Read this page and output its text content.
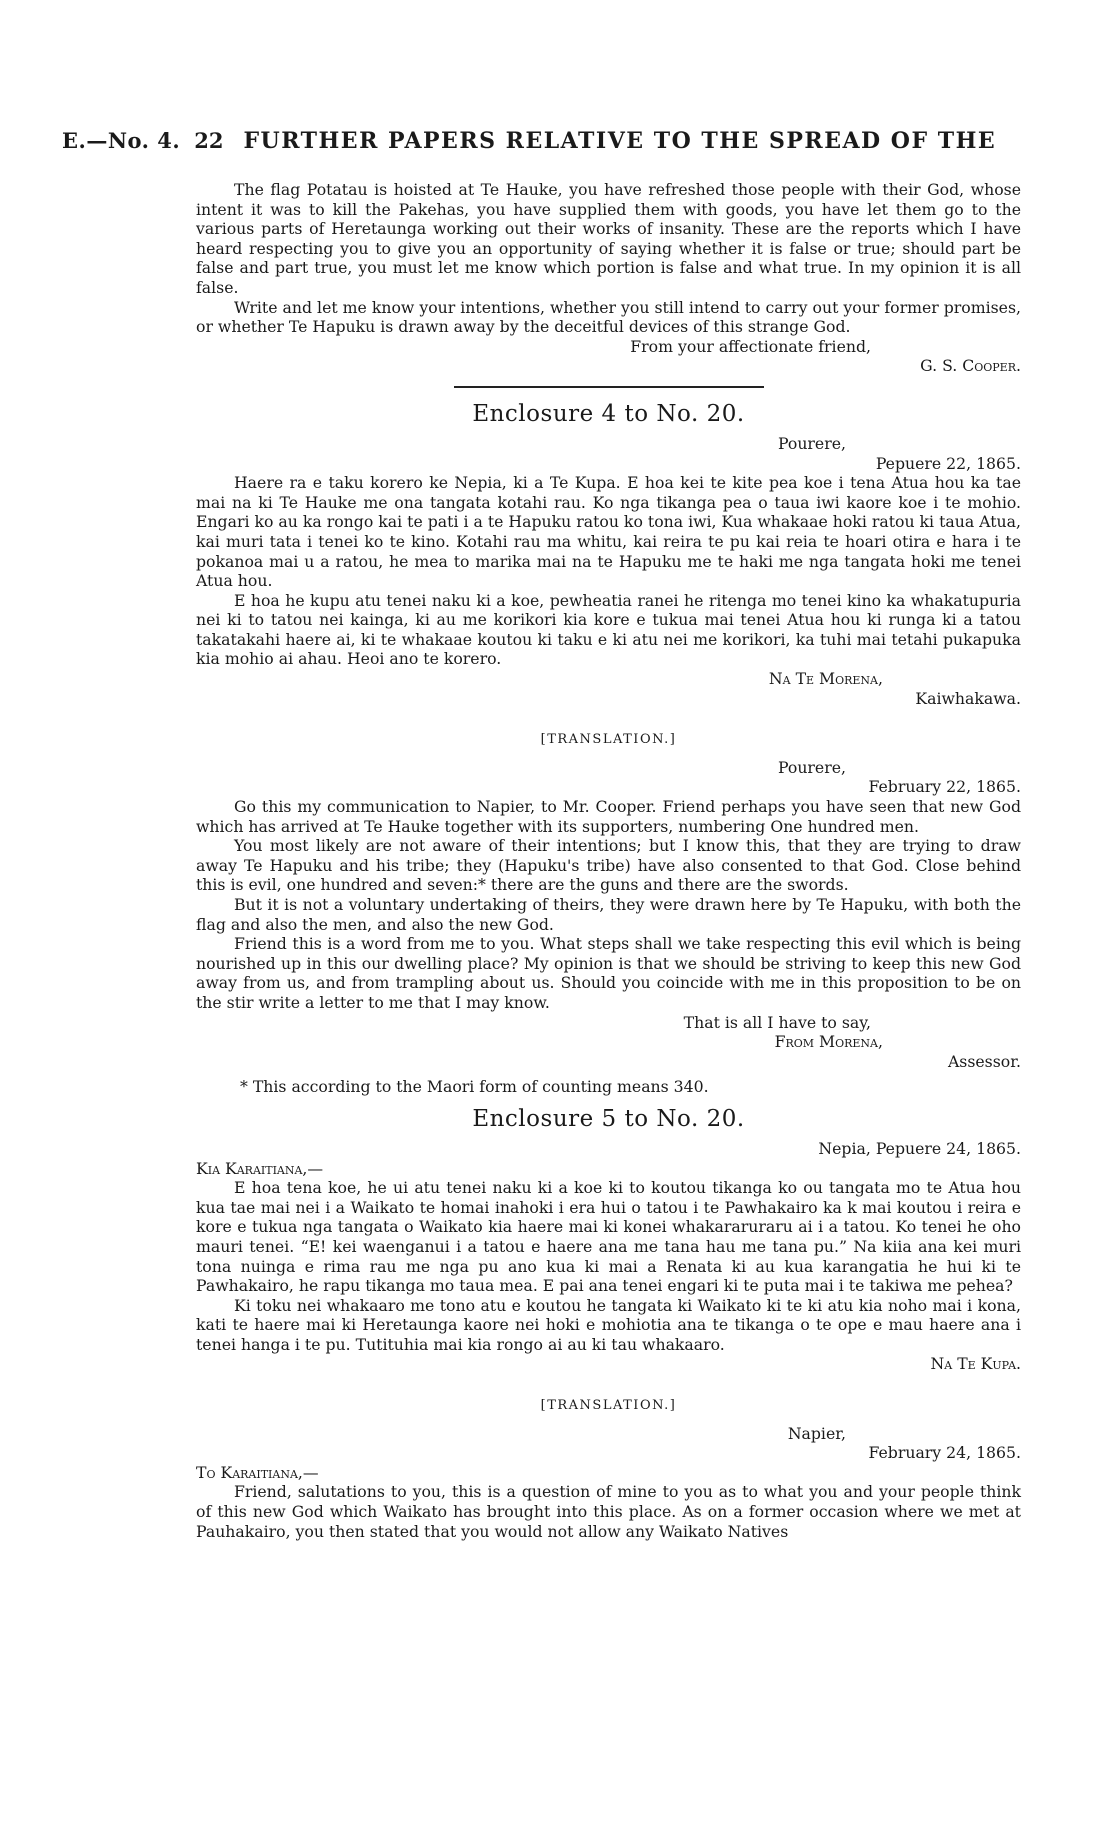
E.—No. 4. 22 FURTHER PAPERS RELATIVE TO THE SPREAD OF THE

The flag Potatau is hoisted at Te Hauke, you have refreshed those people with their God, whose intent it was to kill the Pakehas, you have supplied them with goods, you have let them go to the various parts of Heretaunga working out their works of insanity. These are the reports which I have heard respecting you to give you an opportunity of saying whether it is false or true; should part be false and part true, you must let me know which portion is false and what true. In my opinion it is all false.

Write and let me know your intentions, whether you still intend to carry out your former promises, or whether Te Hapuku is drawn away by the deceitful devices of this strange God.

From your affectionate friend,

G. S. Cooper.

Enclosure 4 to No. 20.

Pourere,

Pepuere 22, 1865.

Haere ra e taku korero ke Nepia, ki a Te Kupa. E hoa kei te kite pea koe i tena Atua hou ka tae mai na ki Te Hauke me ona tangata kotahi rau. Ko nga tikanga pea o taua iwi kaore koe i te mohio. Engari ko au ka rongo kai te pati i a te Hapuku ratou ko tona iwi, Kua whakaae hoki ratou ki taua Atua, kai muri tata i tenei ko te kino. Kotahi rau ma whitu, kai reira te pu kai reia te hoari otira e hara i te pokanoa mai u a ratou, he mea to marika mai na te Hapuku me te haki me nga tangata hoki me tenei Atua hou.

E hoa he kupu atu tenei naku ki a koe, pewheatia ranei he ritenga mo tenei kino ka whakatupuria nei ki to tatou nei kainga, ki au me korikori kia kore e tukua mai tenei Atua hou ki runga ki a tatou takatakahi haere ai, ki te whakaae koutou ki taku e ki atu nei me korikori, ka tuhi mai tetahi pukapuka kia mohio ai ahau. Heoi ano te korero.

Na Te Morena,

Kaiwhakawa.

[TRANSLATION.]

Pourere,

February 22, 1865.

Go this my communication to Napier, to Mr. Cooper. Friend perhaps you have seen that new God which has arrived at Te Hauke together with its supporters, numbering One hundred men.

You most likely are not aware of their intentions; but I know this, that they are trying to draw away Te Hapuku and his tribe; they (Hapuku's tribe) have also consented to that God. Close behind this is evil, one hundred and seven:* there are the guns and there are the swords.

But it is not a voluntary undertaking of theirs, they were drawn here by Te Hapuku, with both the flag and also the men, and also the new God.

Friend this is a word from me to you. What steps shall we take respecting this evil which is being nourished up in this our dwelling place? My opinion is that we should be striving to keep this new God away from us, and from trampling about us. Should you coincide with me in this proposition to be on the stir write a letter to me that I may know.

That is all I have to say,

From Morena,

Assessor.

* This according to the Maori form of counting means 340.

Enclosure 5 to No. 20.

Nepia, Pepuere 24, 1865.

Kia Karaitiana,—

E hoa tena koe, he ui atu tenei naku ki a koe ki to koutou tikanga ko ou tangata mo te Atua hou kua tae mai nei i a Waikato te homai inahoki i era hui o tatou i te Pawhakairo ka k mai koutou i reira e kore e tukua nga tangata o Waikato kia haere mai ki konei whakararuraru ai i a tatou. Ko tenei he oho mauri tenei. “E! kei waenganui i a tatou e haere ana me tana hau me tana pu.” Na kiia ana kei muri tona nuinga e rima rau me nga pu ano kua ki mai a Renata ki au kua karangatia he hui ki te Pawhakairo, he rapu tikanga mo taua mea. E pai ana tenei engari ki te puta mai i te takiwa me pehea?

Ki toku nei whakaaro me tono atu e koutou he tangata ki Waikato ki te ki atu kia noho mai i kona, kati te haere mai ki Heretaunga kaore nei hoki e mohiotia ana te tikanga o te ope e mau haere ana i tenei hanga i te pu. Tutituhia mai kia rongo ai au ki tau whakaaro.

Na Te Kupa.

[TRANSLATION.]

Napier,

February 24, 1865.

To Karaitiana,—

Friend, salutations to you, this is a question of mine to you as to what you and your people think of this new God which Waikato has brought into this place. As on a former occasion where we met at Pauhakairo, you then stated that you would not allow any Waikato Natives
